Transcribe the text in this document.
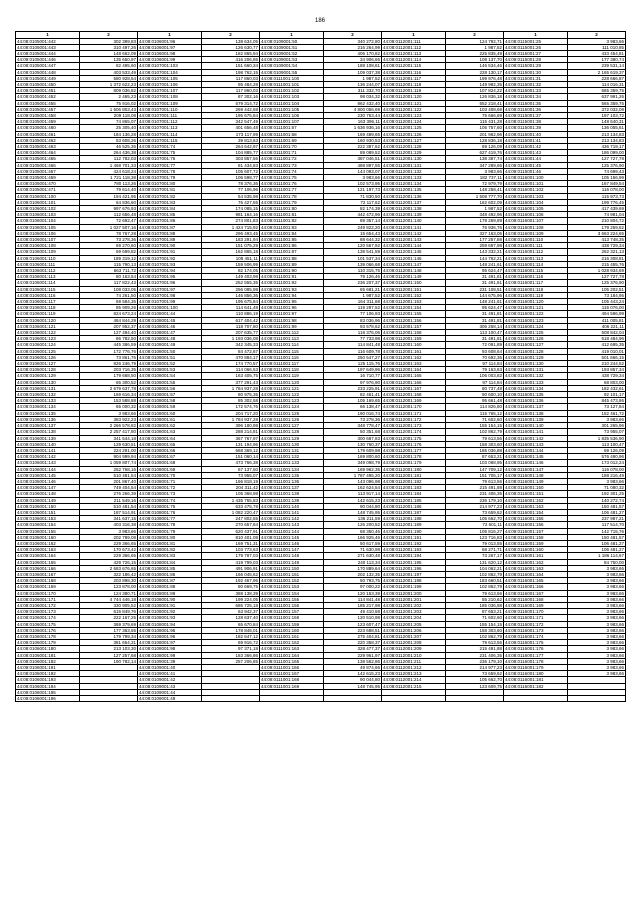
186
1	2	1	2	1	2	1	2	1	2
44:08:0105001:442	302 399,83	44:08:0106001:96	138 634,05	44:08:0109001:50	340 272,80	44:08:0112001:111	124 792,71	44:08:0115001:25	3 983,66
44:08:0105001:443	310 497,26	44:08:0106001:97	126 630,77	44:08:0109001:51	216 264,99	44:08:0112001:112	1 987,52	44:08:0115001:26	111 010,85
44:08:0105001:444	148 662,09	44:08:0106001:98	182 865,94	44:08:0109001:52	406 170,82	44:08:0112001:113	225 835,49	44:08:0115001:27	433 454,81
44:08:0105001:446	135 650,97	44:08:0106001:99	416 206,86	44:08:0109001:53	34 906,65	44:08:0112001:114	108 137,70	44:08:0115001:28	177 380,74
44:08:0105001:447	82 495,60	44:08:0107001:103	151 660,34	44:08:0109001:54	188 108,61	44:08:0112001:115	146 534,46	44:08:0115001:29	239 531,14
44:08:0105001:448	403 533,49	44:08:0107001:104	198 762,15	44:08:0109001:55	109 037,38	44:08:0112001:116	228 130,17	44:08:0115001:30	2 165 619,37
44:08:0105001:449	580 928,54	44:08:0107001:105	117 860,03	44:08:0111001:100	1 987,52	44:08:0112001:117	199 976,48	44:08:0115001:31	228 666,87
44:08:0105001:450	1 372 622,23	44:08:0107001:106	95 484,28	44:08:0111001:101	136 244,07	44:08:0112001:118	149 982,35	44:08:0115001:32	114 016,31
44:08:0105001:451	809 036,82	44:08:0107001:107	117 860,03	44:08:0111001:102	311 332,70	44:08:0112001:119	107 824,22	44:08:0115001:33	565 359,75
44:08:0105001:452	2 465,23	44:08:0107001:108	87 302,16	44:08:0111001:103	98 034,32	44:08:0112001:120	126 836,18	44:08:0115001:34	637 991,26
44:08:0105001:455	75 916,02	44:08:0107001:109	579 314,72	44:08:0111001:104	862 432,40	44:08:0112001:121	552 218,41	44:08:0115001:35	565 359,75
44:08:0105001:457	1 506 803,43	44:08:0107001:110	269 442,68	44:08:0111001:105	4 800 056,69	44:08:0112001:122	103 408,69	44:08:0115001:36	372 032,08
44:08:0105001:458	209 118,08	44:08:0107001:111	195 675,84	44:08:0111001:106	230 763,44	44:08:0112001:123	75 666,69	44:08:0115001:37	197 103,72
44:08:0105001:459	74 865,07	44:08:0107001:112	342 547,49	44:08:0111001:107	163 396,11	44:08:0112001:124	115 431,28	44:08:0115001:38	148 640,31
44:08:0105001:460	25 305,40	44:08:0107001:113	401 656,48	44:08:0111001:67	1 636 936,16	44:08:0112001:125	105 757,60	44:08:0115001:39	136 055,61
44:08:0105001:461	184 136,28	44:08:0107001:114	173 117,99	44:08:0111001:68	169 489,65	44:08:0112001:126	201 962,96	44:08:0115001:40	213 134,83
44:08:0105001:462	53 608,26	44:08:0107001:115	39 813,63	44:08:0111001:69	160 930,53	44:08:0112001:127	128 836,18	44:08:0115001:41	213 134,83
44:08:0105001:463	46 525,36	44:08:0107001:74	264 642,97	44:08:0111001:70	222 387,62	44:08:0112001:128	69 126,09	44:08:0115001:42	436 719,17
44:08:0105001:464	264 436,38	44:08:0107001:75	104 885,77	44:08:0111001:71	89 089,52	44:08:0112001:129	627 419,76	44:08:0115001:43	186 099,00
44:08:0105001:465	112 782,03	44:08:0107001:76	303 857,56	44:08:0111001:72	387 046,51	44:08:0112001:130	138 387,74	44:08:0115001:44	127 727,78
44:08:0105001:466	1 468 701,33	44:08:0107001:77	81 434,83	44:08:0111001:73	488 897,55	44:08:0112001:131	347 289,66	44:08:0115001:45	125 376,90
44:08:0105001:467	424 618,24	44:08:0107001:78	105 607,72	44:08:0111001:74	144 093,07	44:08:0112001:132	3 983,66	44:08:0115001:46	74 699,43
44:08:0105001:469	1 721 118,38	44:08:0107001:79	106 598,77	44:08:0111001:75	3 983,66	44:08:0112001:133	182 737,11	44:08:0116001:100	105 156,99
44:08:0105001:470	780 113,26	44:08:0107001:80	78 376,36	44:08:0111001:76	102 573,95	44:08:0112001:134	72 979,79	44:08:0116001:101	167 849,54
44:08:0105001:471	79 614,40	44:08:0107001:81	77 106,96	44:08:0111001:77	121 197,73	44:08:0112001:135	148 258,41	44:08:0116001:102	116 078,00
44:08:0106001:100	194 421,95	44:08:0107001:82	54 535,98	44:08:0111001:78	71 830,50	44:08:0112001:136	1 508 777,70	44:08:0116001:103	115 973,73
44:08:0106001:101	64 836,60	44:08:0107001:83	76 427,65	44:08:0111001:79	72 117,62	44:08:0112001:137	162 602,09	44:08:0116001:104	199 776,45
44:08:0106001:102	997 676,93	44:08:0107001:84	174 085,15	44:08:0111001:80	82 174,39	44:08:0112001:138	1 987,52	44:08:0116001:105	417 439,69
44:08:0106001:103	112 656,48	44:08:0107001:85	981 164,16	44:08:0111001:81	442 472,96	44:08:0112001:139	348 492,96	44:08:0116001:106	74 981,04
44:08:0106001:104	72 692,47	44:08:0107001:86	274 801,83	44:08:0111001:82	89 357,14	44:08:0112001:140	178 269,89	44:08:0116001:107	210 804,72
44:08:0106001:105	1 027 507,16	44:08:0107001:87	1 424 715,92	44:08:0111001:83	249 822,20	44:08:0112001:141	76 936,76	44:08:0116001:108	179 259,62
44:08:0106001:106	78 767,28	44:08:0107001:88	296 493,45	44:08:0111001:84	15 654,43	44:08:0112001:142	327 163,05	44:08:0116001:109	3 663 224,65
44:08:0106001:107	73 278,36	44:08:0107001:89	183 291,94	44:08:0111001:85	88 644,32	44:08:0112001:143	177 257,88	44:08:0116001:110	413 748,35
44:08:0106001:108	69 270,60	44:08:0107001:90	151 075,29	44:08:0111001:86	120 567,92	44:08:0112001:144	259 697,98	44:08:0116001:111	438 729,34
44:08:0106001:109	69 699,82	44:08:0107001:91	162 865,18	44:08:0111001:87	138 541,59	44:08:0112001:145	143 332,21	44:08:0116001:112	262 321,13
44:08:0106001:110	189 319,12	44:08:0107001:92	108 451,11	44:08:0111001:88	101 537,34	44:08:0112001:146	144 762,21	44:08:0116001:113	216 308,81
44:08:0106001:111	115 790,13	44:08:0107001:93	159 506,99	44:08:0111001:89	139 066,68	44:08:0112001:147	148 241,61	44:08:0116001:114	215 455,76
44:08:0106001:112	663 711,72	44:08:0107001:94	82 174,05	44:08:0111001:90	110 315,75	44:08:0112001:148	95 624,47	44:08:0116001:115	1 028 934,69
44:08:0106001:113	80 163,54	44:08:0107001:95	149 403,98	44:08:0111001:91	79 126,46	44:08:0112001:149	31 491,81	44:08:0116001:116	127 727,78
44:08:0106001:114	117 822,43	44:08:0107001:96	252 555,35	44:08:0111001:92	236 207,37	44:08:0112001:150	31 491,81	44:08:0116001:117	125 376,90
44:08:0106001:115	108 033,05	44:08:0107001:97	256 085,98	44:08:0111001:93	65 681,21	44:08:0112001:151	231 108,51	44:08:0116001:118	105 202,51
44:08:0106001:116	74 261,50	44:08:0107001:98	146 856,36	44:08:0111001:94	1 987,52	44:08:0112001:152	144 675,96	44:08:0116001:119	73 184,95
44:08:0106001:117	69 584,35	44:08:0107001:99	195 675,84	44:08:0111001:95	164 311,68	44:08:0112001:153	148 241,61	44:08:0116001:120	105 443,24
44:08:0106001:118	85 909,26	44:08:0108001:100	114 641,48	44:08:0111001:96	119 297,52	44:08:0112001:154	95 624,47	44:08:0116001:121	115 076,00
44:08:0106001:119	824 673,24	44:08:0108001:44	110 886,19	44:08:0111001:97	77 106,93	44:08:0112001:155	31 491,81	44:08:0116001:122	494 596,99
44:08:0106001:120	484 844,29	44:08:0108001:45	617 404,42	44:08:0111001:98	83 036,96	44:08:0112001:156	31 491,81	44:08:0116001:123	411 005,81
44:08:0106001:121	207 952,37	44:08:0108001:46	118 707,80	44:08:0111001:99	93 578,62	44:08:0112001:157	306 258,14	44:08:0116001:124	406 221,11
44:08:0106001:122	127 494,40	44:08:0108001:47	207 635,77	44:08:0111001:112	118 376,06	44:08:0112001:158	113 100,47	44:08:0116001:125	508 842,04
44:08:0106001:123	86 782,50	44:08:0108001:48	1 193 036,08	44:08:0111001:113	77 733,98	44:08:0112001:159	31 491,81	44:08:0116001:126	518 484,96
44:08:0106001:124	445 386,59	44:08:0108001:49	342 345,33	44:08:0111001:114	114 841,48	44:08:0112001:160	72 091,89	44:08:0116001:127	412 695,35
44:08:0106001:125	172 776,76	44:08:0108001:50	84 472,67	44:08:0111001:115	116 609,78	44:08:0112001:161	93 608,64	44:08:0116001:128	419 010,01
44:08:0106001:126	73 861,76	44:08:0108001:51	470 884,17	44:08:0111001:116	250 547,27	44:08:0112001:162	70 692,36	44:08:0116001:129	501 666,15
44:08:0106001:127	826 246,79	44:08:0108001:52	174 770,57	44:08:0111001:117	125 115,76	44:08:0112001:163	97 114,84	44:08:0116001:130	210 244,52
44:08:0106001:128	203 716,35	44:08:0108001:53	114 066,53	44:08:0111001:118	197 649,96	44:08:0112001:164	79 163,63	44:08:0116001:131	193 857,34
44:08:0106001:129	179 668,50	44:08:0108001:54	163 405,75	44:08:0111001:119	16 710,77	44:08:0112001:165	106 003,82	44:08:0116001:132	438 729,34
44:08:0106001:130	65 300,52	44:08:0108001:55	377 291,43	44:08:0111001:120	97 976,90	44:08:0112001:166	97 114,84	44:08:0116001:133	68 803,00
44:08:0106001:131	2 679 637,78	44:08:0108001:56	1 784 937,28	44:08:0111001:121	233 225,91	44:08:0112001:167	80 737,48	44:08:0116001:134	182 432,61
44:08:0106001:132	169 616,34	44:08:0108001:57	80 975,35	44:08:0111001:122	82 461,41	44:08:0112001:168	90 600,10	44:08:0116001:135	92 101,17
44:08:0106001:133	153 588,88	44:08:0108001:58	85 302,58	44:08:0111001:123	105 169,65	44:08:0112001:169	95 661,48	44:08:0116001:136	845 473,86
44:08:0106001:134	65 000,32	44:08:0108001:59	172 574,76	44:08:0111001:124	66 138,47	44:08:0112001:170	114 826,80	44:08:0116001:137	73 127,84
44:08:0106001:135	3 983,66	44:08:0108001:60	204 717,20	44:08:0111001:125	190 016,74	44:08:0112001:171	115 765,12	44:08:0116001:138	152 461,72
44:08:0106001:136	383 922,23	44:08:0108001:61	1 784 937,28	44:08:0111001:126	73 278,36	44:08:0112001:172	71 602,60	44:08:0116001:139	3 983,66
44:08:0106001:137	2 266 578,82	44:08:0108001:62	396 180,98	44:08:0111001:127	348 778,47	44:08:0112001:173	155 154,15	44:08:0116001:140	301 265,96
44:08:0106001:138	2 257 417,80	44:08:0108001:63	288 214,81	44:08:0111001:128	50 351,68	44:08:0112001:174	102 862,79	44:08:0116001:141	73 955,07
44:08:0106001:139	341 544,18	44:08:0108001:64	367 767,97	44:08:0111001:129	300 687,83	44:08:0112001:175	79 613,56	44:08:0116001:142	1 835 536,90
44:08:0106001:140	129 630,51	44:08:0108001:65	131 194,96	44:08:0111001:130	130 760,37	44:08:0112001:176	158 303,60	44:08:0116001:143	113 100,47
44:08:0106001:141	224 291,00	44:08:0108001:66	668 369,12	44:08:0111001:131	179 609,98	44:08:0112001:177	185 036,88	44:08:0116001:144	69 126,09
44:08:0106001:142	904 999,94	44:08:0108001:67	151 060,14	44:08:0111001:132	169 800,60	44:08:0112001:178	87 653,21	44:08:0116001:145	576 490,96
44:08:0106001:143	1 059 807,74	44:08:0108001:68	473 766,38	44:08:0111001:133	349 098,79	44:08:0112001:179	103 068,95	44:08:0116001:146	173 012,24
44:08:0106001:144	252 768,16	44:08:0108001:69	67 137,50	44:08:0111001:134	169 962,35	44:08:0112001:180	147 709,12	44:08:0116001:147	116 078,00
44:08:0106001:145	510 481,54	44:08:0108001:70	73 955,07	44:08:0111001:135	1 787 495,20	44:08:0112001:181	151 706,17	44:08:0116001:148	188 216,49
44:08:0106001:146	201 867,40	44:08:0108001:71	166 818,19	44:08:0111001:136	143 096,98	44:08:0112001:182	79 613,56	44:08:0116001:149	3 983,66
44:08:0106001:147	749 404,54	44:08:0108001:72	204 311,42	44:08:0111001:137	162 624,54	44:08:0112001:183	215 491,88	44:08:0116001:150	71 080,32
44:08:0106001:148	276 266,39	44:08:0108001:73	105 368,98	44:08:0111001:138	113 917,14	44:08:0112001:184	231 406,35	44:08:0116001:151	192 301,25
44:08:0106001:149	211 549,16	44:08:0108001:74	1 435 765,83	44:08:0111001:139	142 615,23	44:08:0112001:185	236 179,10	44:08:0116001:152	140 272,74
44:08:0106001:150	510 481,54	44:08:0108001:75	633 475,78	44:08:0111001:140	90 044,80	44:08:0112001:186	214 977,23	44:08:0116001:153	150 481,57
44:08:0106001:151	187 514,91	44:08:0108001:76	1 082 220,47	44:08:0111001:141	148 745,95	44:08:0112001:187	73 659,62	44:08:0116001:154	106 481,27
44:08:0106001:153	341 637,15	44:08:0108001:77	247 802,55	44:08:0111001:142	136 211,59	44:08:0112001:188	105 662,70	44:08:0116001:155	237 987,21
44:08:0106001:154	403 316,38	44:08:0108001:78	270 657,84	44:08:0111001:143	126 200,52	44:08:0112001:189	72 601,11	44:08:0116001:156	117 514,70
44:08:0106001:155	3 983,66	44:08:0108001:79	620 437,91	44:08:0111001:144	68 350,46	44:08:0112001:190	105 816,27	44:08:0116001:157	142 715,76
44:08:0106001:160	202 789,08	44:08:0108001:80	810 401,08	44:08:0111001:145	166 925,46	44:08:0112001:191	123 716,83	44:08:0116001:158	150 481,57
44:08:0106001:162	229 366,65	44:08:0108001:81	169 751,31	44:08:0111001:146	50 617,59	44:08:0112001:192	79 013,55	44:08:0116001:159	106 481,27
44:08:0106001:163	170 673,42	44:08:0108001:82	103 773,63	44:08:0111001:147	71 630,98	44:08:0112001:193	68 271,71	44:08:0116001:160	106 481,27
44:08:0106001:164	229 366,65	44:08:0108001:83	179 787,03	44:08:0111001:148	271 630,48	44:08:0112001:194	73 267,17	44:08:0116001:161	1 186 114,67
44:08:0106001:165	429 726,15	44:08:0108001:84	419 799,03	44:08:0111001:149	240 113,34	44:08:0112001:195	131 620,12	44:08:0116001:162	84 750,00
44:08:0106001:166	2 683 676,65	44:08:0108001:85	491 906,91	44:08:0111001:150	170 889,64	44:08:0112001:196	104 062,21	44:08:0116001:163	3 983,66
44:08:0106001:167	322 186,42	44:08:0108001:86	166 045,62	44:08:0111001:151	202 132,35	44:08:0112001:197	102 862,79	44:08:0116001:164	3 983,66
44:08:0106001:168	203 898,30	44:08:0108001:87	192 467,96	44:08:0111001:152	50 793,75	44:08:0112001:198	183 660,51	44:08:0116001:165	3 983,66
44:08:0106001:169	123 878,00	44:08:0108001:88	80 669,75	44:08:0111001:153	97 000,22	44:08:0112001:199	102 862,79	44:08:0116001:166	3 983,66
44:08:0106001:170	124 380,71	44:08:0108001:89	388 138,39	44:08:0111001:154	120 153,39	44:08:0112001:200	79 613,56	44:08:0116001:167	3 983,66
44:08:0106001:171	4 744 446,18	44:08:0108001:90	199 224,05	44:08:0111001:155	114 841,48	44:08:0112001:201	55 210,62	44:08:0116001:168	3 983,66
44:08:0106001:172	330 905,52	44:08:0108001:91	686 725,18	44:08:0111001:156	185 217,98	44:08:0112001:202	185 036,88	44:08:0116001:169	3 983,66
44:08:0106001:173	615 849,76	44:08:0108001:92	63 942,37	44:08:0111001:157	49 410,58	44:08:0112001:203	87 653,21	44:08:0116001:170	3 983,66
44:08:0106001:174	222 167,25	44:08:0108001:93	128 637,40	44:08:0111001:158	120 510,98	44:08:0112001:204	71 602,60	44:08:0116001:171	3 983,66
44:08:0106001:175	369 379,69	44:08:0108001:94	65 670,84	44:08:0111001:159	123 607,47	44:08:0112001:205	155 154,15	44:08:0116001:172	3 983,66
44:08:0106001:176	177 363,55	44:08:0108001:95	178 845,01	44:08:0111001:160	223 688,51	44:08:0112001:206	158 303,60	44:08:0116001:173	3 983,66
44:08:0106001:178	179 799,34	44:08:0108001:96	182 647,12	44:08:0111001:161	275 404,81	44:08:0112001:207	102 862,79	44:08:0116001:174	3 983,66
44:08:0106001:179	381 654,31	44:08:0108001:97	69 916,72	44:08:0111001:162	220 358,37	44:08:0112001:208	79 613,56	44:08:0116001:175	3 983,66
44:08:0106001:180	213 103,30	44:08:0108001:98	97 371,18	44:08:0111001:163	328 477,37	44:08:0112001:209	215 491,88	44:08:0116001:176	3 983,66
44:08:0106001:181	127 257,68	44:08:0108001:99	183 366,86	44:08:0111001:164	229 961,97	44:08:0112001:210	231 406,35	44:08:0116001:177	3 983,66
44:08:0106001:182	190 782,14	44:08:0109001:39	257 206,85	44:08:0111001:165	138 562,86	44:08:0112001:211	236 179,10	44:08:0116001:178	3 983,66
44:08:0106001:191		44:08:0109001:40		44:08:0111001:166	49 874,66	44:08:0112001:212	214 977,23	44:08:0116001:179	3 983,66
44:08:0106001:192		44:08:0109001:41		44:08:0111001:167	142 615,23	44:08:0112001:213	73 659,62	44:08:0116001:180	3 983,66
44:08:0106001:193		44:08:0109001:42		44:08:0111001:168	90 044,80	44:08:0112001:214	105 662,70	44:08:0116001:181	
44:08:0106001:194		44:08:0109001:43		44:08:0111001:169	148 745,95	44:08:0112001:215	123 609,75	44:08:0116001:182	
44:08:0106001:195		44:08:0109001:44							
44:08:0106001:196		44:08:0109001:49							
